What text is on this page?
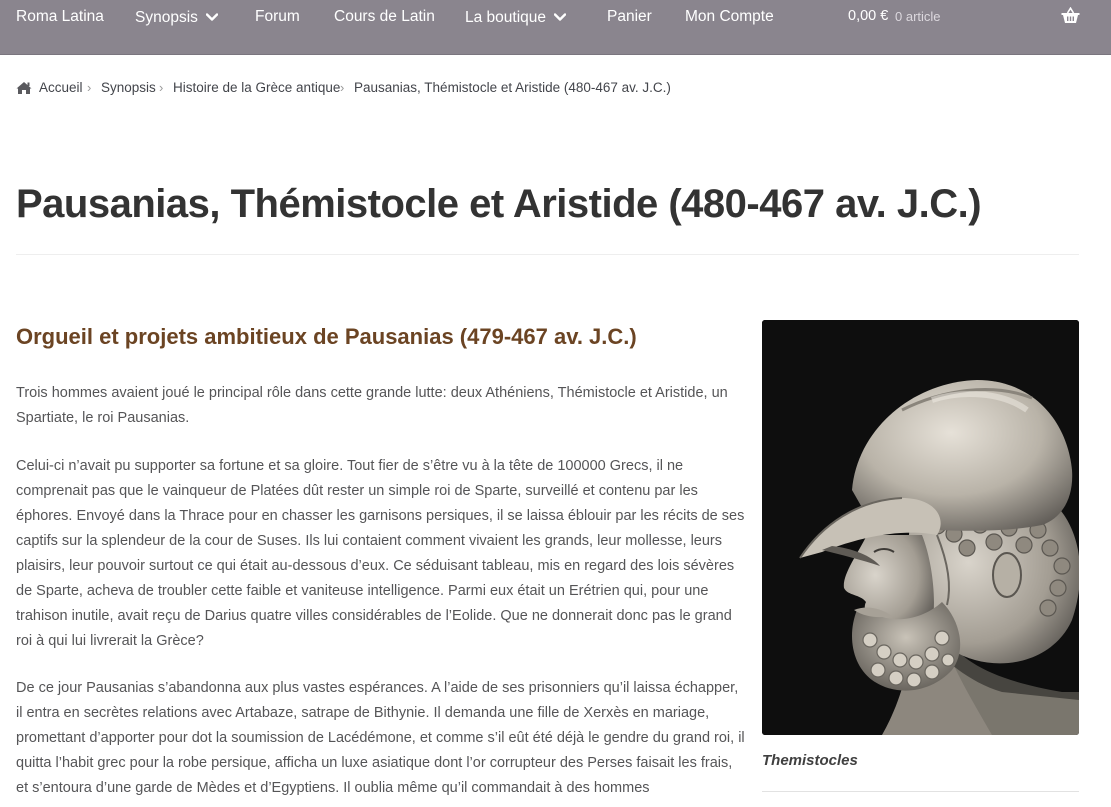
Roma Latina Synopsis	Forum Cours de Latin La boutique	Panier Mon Compte	0,00 € 0 article
Accueil › Synopsis › Histoire de la Grèce antique › Pausanias, Thémistocle et Aristide (480-467 av. J.C.)
Pausanias, Thémistocle et Aristide (480-467 av. J.C.)
Orgueil et projets ambitieux de Pausanias (479-467 av. J.C.)

Trois hommes avaient joué le principal rôle dans cette grande lutte: deux Athéniens, Thémistocle et Aristide, un Spartiate, le roi Pausanias.

Celui-ci n’avait pu supporter sa fortune et sa gloire. Tout fier de s’être vu à la tête de 100000 Grecs, il ne comprenait pas que le vainqueur de Platées dût rester un simple roi de Sparte, surveillé et contenu par les éphores. Envoyé dans la Thrace pour en chasser les garnisons persiques, il se laissa éblouir par les récits de ses captifs sur la splendeur de la cour de Suses. Ils lui contaient comment vivaient les grands, leur mollesse, leurs plaisirs, leur pouvoir surtout ce qui était au-dessous d’eux. Ce séduisant tableau, mis en regard des lois sévères de Sparte, acheva de troubler cette faible et vaniteuse intelligence. Parmi eux était un Erétrien qui, pour une trahison inutile, avait reçu de Darius quatre villes considérables de l’Eolide. Que ne donnerait donc pas le grand roi à qui lui livrerait la Grèce?

De ce jour Pausanias s’abandonna aux plus vastes espérances. A l’aide de ses prisonniers qu’il laissa échapper, il entra en secrètes relations avec Artabaze, satrape de Bithynie. Il demanda une fille de Xerxès en mariage, promettant d’apporter pour dot la soumission de Lacédémone, et comme s’il eût été déjà le gendre du grand roi, il quitta l’habit grec pour la robe persique, afficha un luxe asiatique dont l’or corrupteur des Perses faisait les frais, et s’entoura d’une garde de Mèdes et d’Egyptiens. Il oublia même qu’il commandait à des hommes

Themistocles
